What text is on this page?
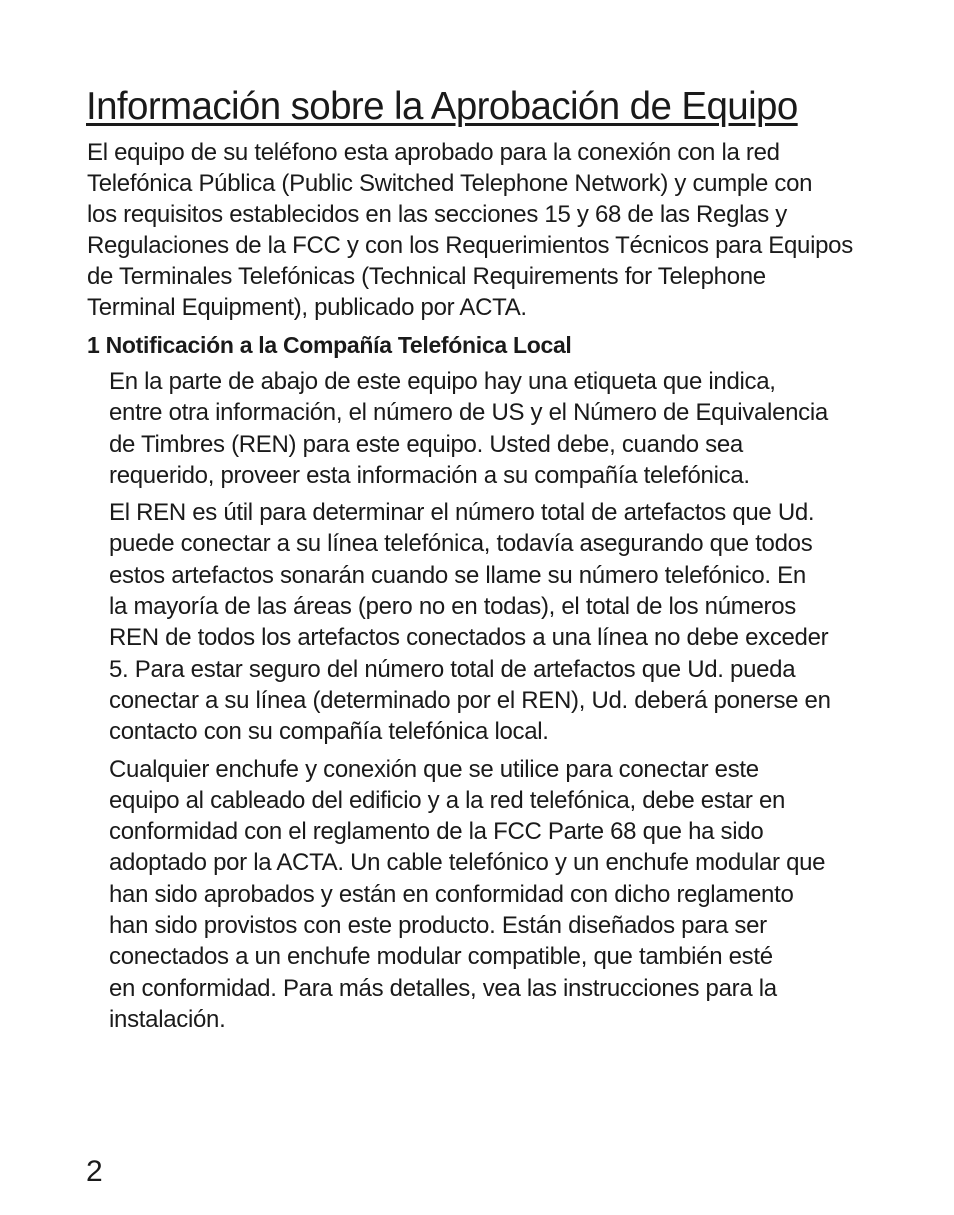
Información sobre la Aprobación de Equipo

El equipo de su teléfono esta aprobado para la conexión con la red
Telefónica Pública (Public Switched Telephone Network) y cumple con
los requisitos establecidos en las secciones 15 y 68 de las Reglas y
Regulaciones de la FCC y con los Requerimientos Técnicos para Equipos
de Terminales Telefónicas (Technical Requirements for Telephone
Terminal Equipment), publicado por ACTA.

1 Notificación a la Compañía Telefónica Local

En la parte de abajo de este equipo hay una etiqueta que indica,
entre otra información, el número de US y el Número de Equivalencia
de Timbres (REN) para este equipo. Usted debe, cuando sea
requerido, proveer esta información a su compañía telefónica.

El REN es útil para determinar el número total de artefactos que Ud.
puede conectar a su línea telefónica, todavía asegurando que todos
estos artefactos sonarán cuando se llame su número telefónico. En
la mayoría de las áreas (pero no en todas), el total de los números
REN de todos los artefactos conectados a una línea no debe exceder
5. Para estar seguro del número total de artefactos que Ud. pueda
conectar a su línea (determinado por el REN), Ud. deberá ponerse en
contacto con su compañía telefónica local.

Cualquier enchufe y conexión que se utilice para conectar este
equipo al cableado del edificio y a la red telefónica, debe estar en
conformidad con el reglamento de la FCC Parte 68 que ha sido
adoptado por la ACTA. Un cable telefónico y un enchufe modular que
han sido aprobados y están en conformidad con dicho reglamento
han sido provistos con este producto. Están diseñados para ser
conectados a un enchufe modular compatible, que también esté
en conformidad. Para más detalles, vea las instrucciones para la
instalación.

2
